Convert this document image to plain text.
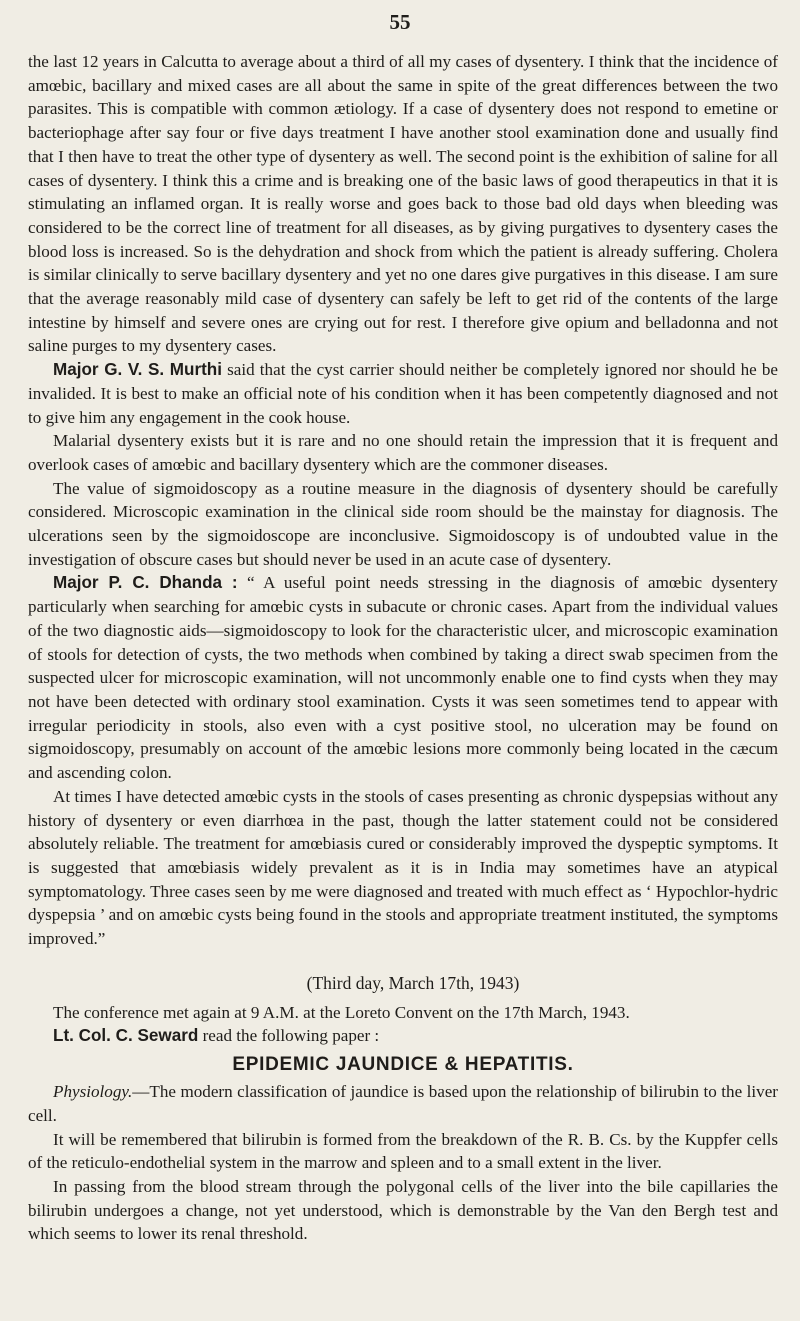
55

the last 12 years in Calcutta to average about a third of all my cases of dysentery. I think that the incidence of amœbic, bacillary and mixed cases are all about the same in spite of the great differences between the two parasites. This is compatible with common ætiology. If a case of dysentery does not respond to emetine or bacteriophage after say four or five days treatment I have another stool examination done and usually find that I then have to treat the other type of dysentery as well. The second point is the exhibition of saline for all cases of dysentery. I think this a crime and is breaking one of the basic laws of good therapeutics in that it is stimulating an inflamed organ. It is really worse and goes back to those bad old days when bleeding was considered to be the correct line of treatment for all diseases, as by giving purgatives to dysentery cases the blood loss is increased. So is the dehydration and shock from which the patient is already suffering. Cholera is similar clinically to serve bacillary dysentery and yet no one dares give purgatives in this disease. I am sure that the average reasonably mild case of dysentery can safely be left to get rid of the contents of the large intestine by himself and severe ones are crying out for rest. I therefore give opium and belladonna and not saline purges to my dysentery cases.

Major G. V. S. Murthi said that the cyst carrier should neither be completely ignored nor should he be invalided. It is best to make an official note of his condition when it has been competently diagnosed and not to give him any engagement in the cook house.

Malarial dysentery exists but it is rare and no one should retain the impression that it is frequent and overlook cases of amœbic and bacillary dysentery which are the commoner diseases.

The value of sigmoidoscopy as a routine measure in the diagnosis of dysentery should be carefully considered. Microscopic examination in the clinical side room should be the mainstay for diagnosis. The ulcerations seen by the sigmoidoscope are inconclusive. Sigmoidoscopy is of undoubted value in the investigation of obscure cases but should never be used in an acute case of dysentery.

Major P. C. Dhanda : “ A useful point needs stressing in the diagnosis of amœbic dysentery particularly when searching for amœbic cysts in subacute or chronic cases. Apart from the individual values of the two diagnostic aids—sigmoidoscopy to look for the characteristic ulcer, and microscopic examination of stools for detection of cysts, the two methods when combined by taking a direct swab specimen from the suspected ulcer for microscopic examination, will not uncommonly enable one to find cysts when they may not have been detected with ordinary stool examination. Cysts it was seen sometimes tend to appear with irregular periodicity in stools, also even with a cyst positive stool, no ulceration may be found on sigmoidoscopy, presumably on account of the amœbic lesions more commonly being located in the cæcum and ascending colon.

At times I have detected amœbic cysts in the stools of cases presenting as chronic dyspepsias without any history of dysentery or even diarrhœa in the past, though the latter statement could not be considered absolutely reliable. The treatment for amœbiasis cured or considerably improved the dyspeptic symptoms. It is suggested that amœbiasis widely prevalent as it is in India may sometimes have an atypical symptomatology. Three cases seen by me were diagnosed and treated with much effect as ‘ Hypochlor-hydric dyspepsia ’ and on amœbic cysts being found in the stools and appropriate treatment instituted, the symptoms improved.”

(Third day, March 17th, 1943)

The conference met again at 9 A.M. at the Loreto Convent on the 17th March, 1943.

Lt. Col. C. Seward read the following paper :

EPIDEMIC JAUNDICE & HEPATITIS.

Physiology.—The modern classification of jaundice is based upon the relationship of bilirubin to the liver cell.

It will be remembered that bilirubin is formed from the breakdown of the R. B. Cs. by the Kuppfer cells of the reticulo-endothelial system in the marrow and spleen and to a small extent in the liver.

In passing from the blood stream through the polygonal cells of the liver into the bile capillaries the bilirubin undergoes a change, not yet understood, which is demonstrable by the Van den Bergh test and which seems to lower its renal threshold.
